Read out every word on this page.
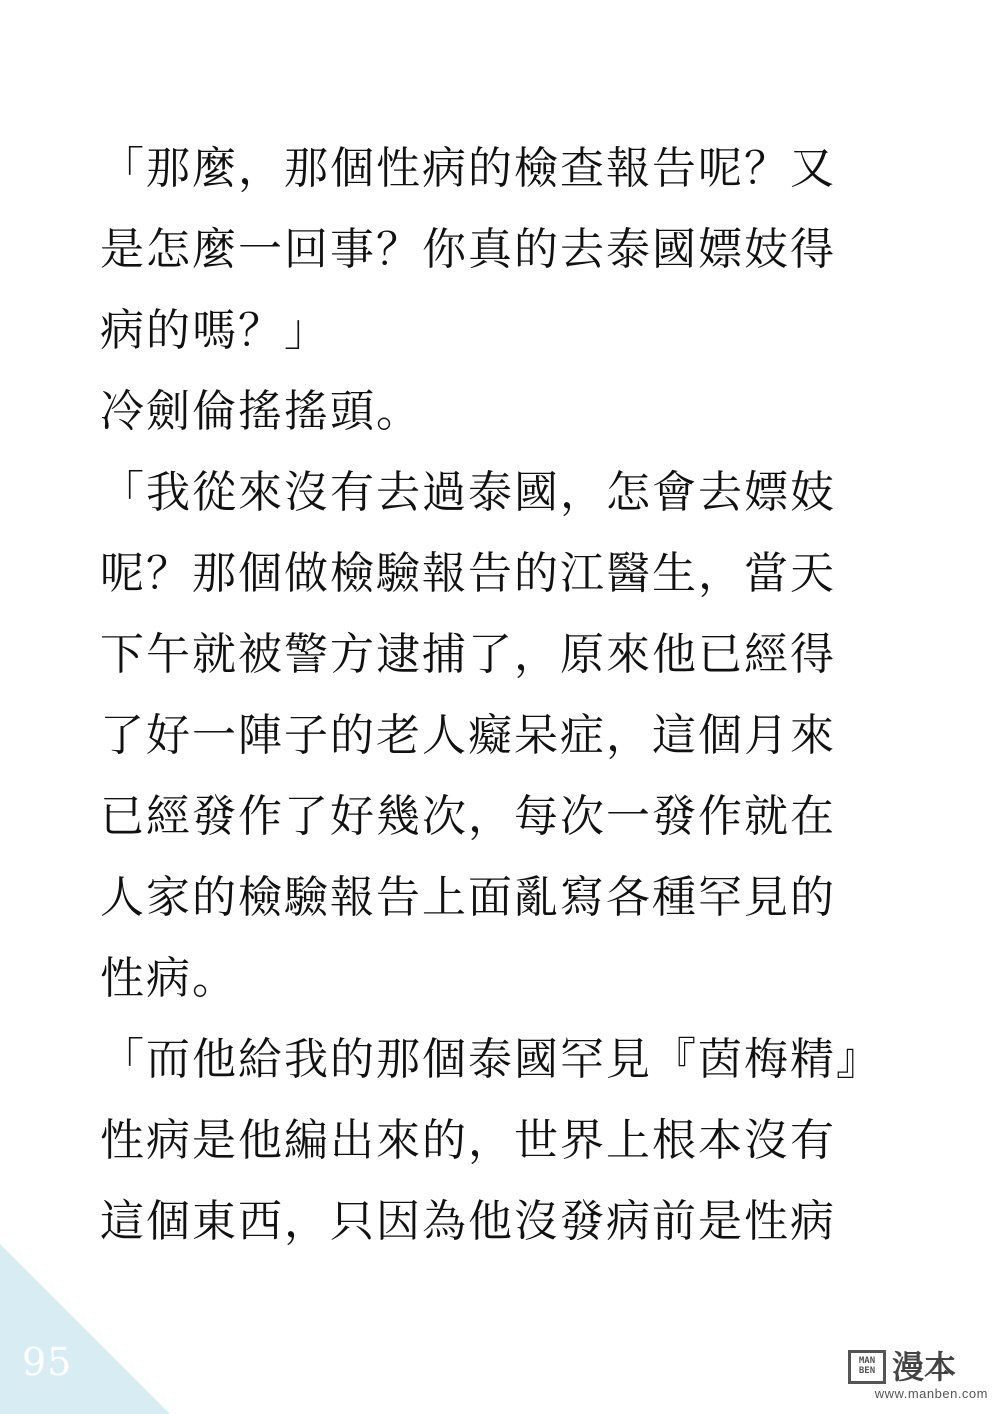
「那麼，那個性病的檢查報告呢？又
是怎麼一回事？你真的去泰國嫖妓得
病的嗎？」
冷劍倫搖搖頭。
「我從來沒有去過泰國，怎會去嫖妓
呢？那個做檢驗報告的江醫生，當天
下午就被警方逮捕了，原來他已經得
了好一陣子的老人癡呆症，這個月來
已經發作了好幾次，每次一發作就在
人家的檢驗報告上面亂寫各種罕見的
性病。
「而他給我的那個泰國罕見『茵梅精』
性病是他編出來的，世界上根本沒有
這個東西，只因為他沒發病前是性病
95	MAN BEN 漫本
www.manben.com
